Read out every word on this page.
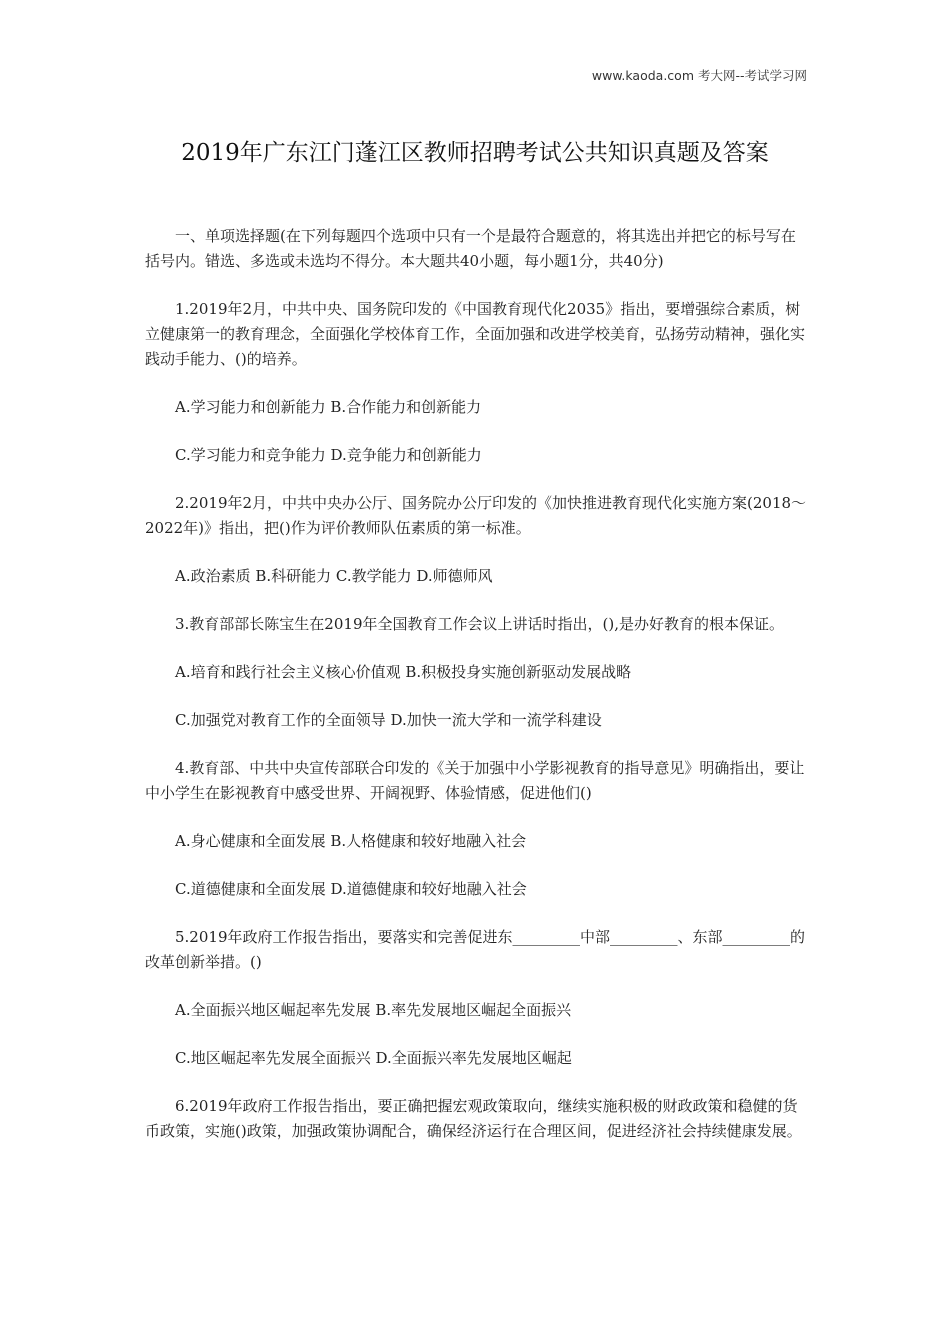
www.kaoda.com 考大网--考试学习网
2019年广东江门蓬江区教师招聘考试公共知识真题及答案

一、单项选择题(在下列每题四个选项中只有一个是最符合题意的，将其选出并把它的标号写在括号内。错选、多选或未选均不得分。本大题共40小题，每小题1分，共40分)

1.2019年2月，中共中央、国务院印发的《中国教育现代化2035》指出，要增强综合素质，树立健康第一的教育理念，全面强化学校体育工作，全面加强和改进学校美育，弘扬劳动精神，强化实践动手能力、()的培养。

A.学习能力和创新能力 B.合作能力和创新能力

C.学习能力和竞争能力 D.竞争能力和创新能力

2.2019年2月，中共中央办公厅、国务院办公厅印发的《加快推进教育现代化实施方案(2018～2022年)》指出，把()作为评价教师队伍素质的第一标准。

A.政治素质 B.科研能力 C.教学能力 D.师德师风

3.教育部部长陈宝生在2019年全国教育工作会议上讲话时指出，(),是办好教育的根本保证。

A.培育和践行社会主义核心价值观 B.积极投身实施创新驱动发展战略

C.加强党对教育工作的全面领导 D.加快一流大学和一流学科建设

4.教育部、中共中央宣传部联合印发的《关于加强中小学影视教育的指导意见》明确指出，要让中小学生在影视教育中感受世界、开阔视野、体验情感，促进他们()

A.身心健康和全面发展 B.人格健康和较好地融入社会

C.道德健康和全面发展 D.道德健康和较好地融入社会

5.2019年政府工作报告指出，要落实和完善促进东_________中部_________、东部_________的改革创新举措。()

A.全面振兴地区崛起率先发展 B.率先发展地区崛起全面振兴

C.地区崛起率先发展全面振兴 D.全面振兴率先发展地区崛起

6.2019年政府工作报告指出，要正确把握宏观政策取向，继续实施积极的财政政策和稳健的货币政策，实施()政策，加强政策协调配合，确保经济运行在合理区间，促进经济社会持续健康发展。
